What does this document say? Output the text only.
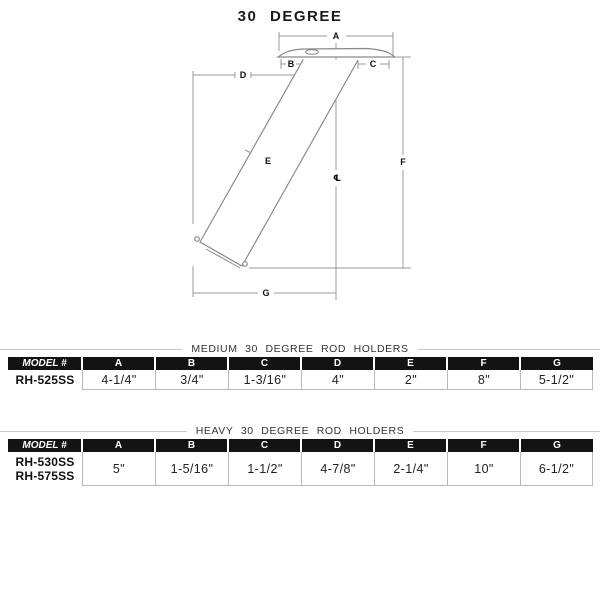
30 DEGREE
A
B	C
D
E	F
G
℄
MEDIUM 30 DEGREE ROD HOLDERS
MODEL #	A	B	C	D	E	F	G
RH-525SS	4-1/4"	3/4"	1-3/16"	4"	2"	8"	5-1/2"
HEAVY 30 DEGREE ROD HOLDERS
MODEL #	A	B	C	D	E	F	G
RH-530SS
RH-575SS
5"	1-5/16"	1-1/2"	4-7/8"	2-1/4"	10"	6-1/2"
